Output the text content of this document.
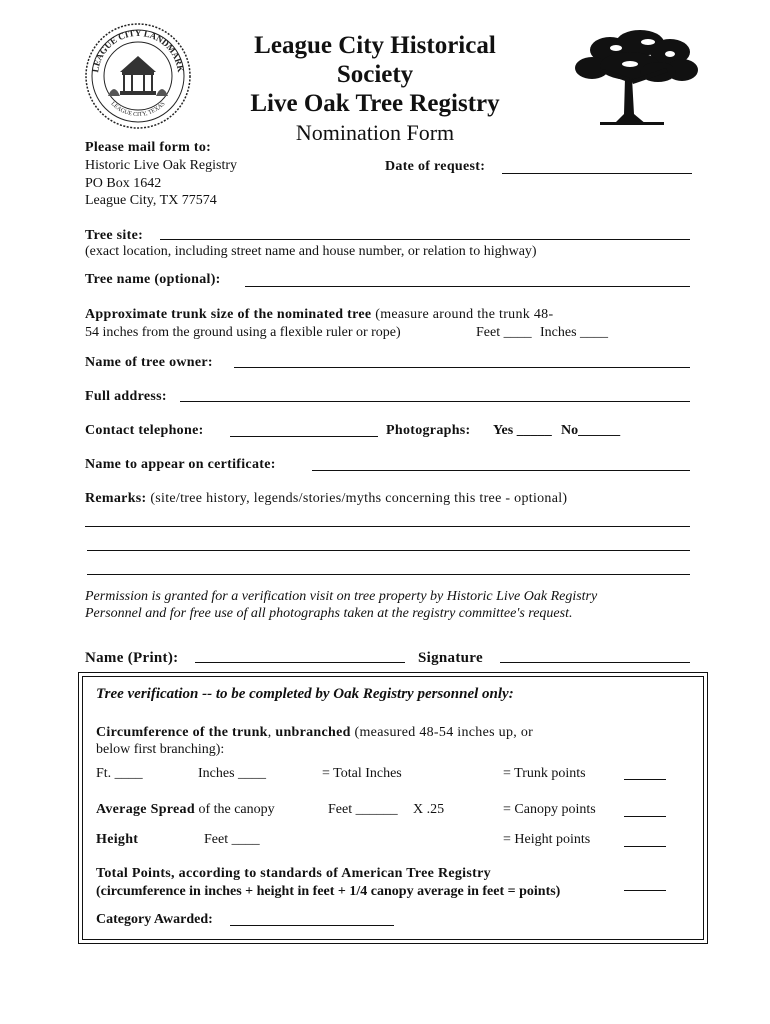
LEAGUE CITY LANDMARK
LEAGUE CITY, TEXAS
League City Historical
Society
Live Oak Tree Registry
Nomination Form
Please mail form to:
Historic Live Oak Registry
PO Box 1642
League City, TX 77574
Date of request:
Tree site:
(exact location, including street name and house number, or relation to highway)
Tree name (optional):
Approximate trunk size of the nominated tree (measure around the trunk 48-
54 inches from the ground using a flexible ruler or rope)	Feet ____ Inches ____
Name of tree owner:
Full address:
Contact telephone:	Photographs: Yes _____ No______
Name to appear on certificate:
Remarks: (site/tree history, legends/stories/myths concerning this tree - optional)
Permission is granted for a verification visit on tree property by Historic Live Oak Registry
Personnel and for free use of all photographs taken at the registry committee's request.
Name (Print):	Signature
Tree verification -- to be completed by Oak Registry personnel only:
Circumference of the trunk, unbranched (measured 48-54 inches up, or
below first branching):
Ft. ____	Inches ____	= Total Inches	= Trunk points
Average Spread of the canopy	Feet ______ X .25	= Canopy points
Height	Feet ____	= Height points
Total Points, according to standards of American Tree Registry
(circumference in inches + height in feet + 1/4 canopy average in feet = points)
Category Awarded:
